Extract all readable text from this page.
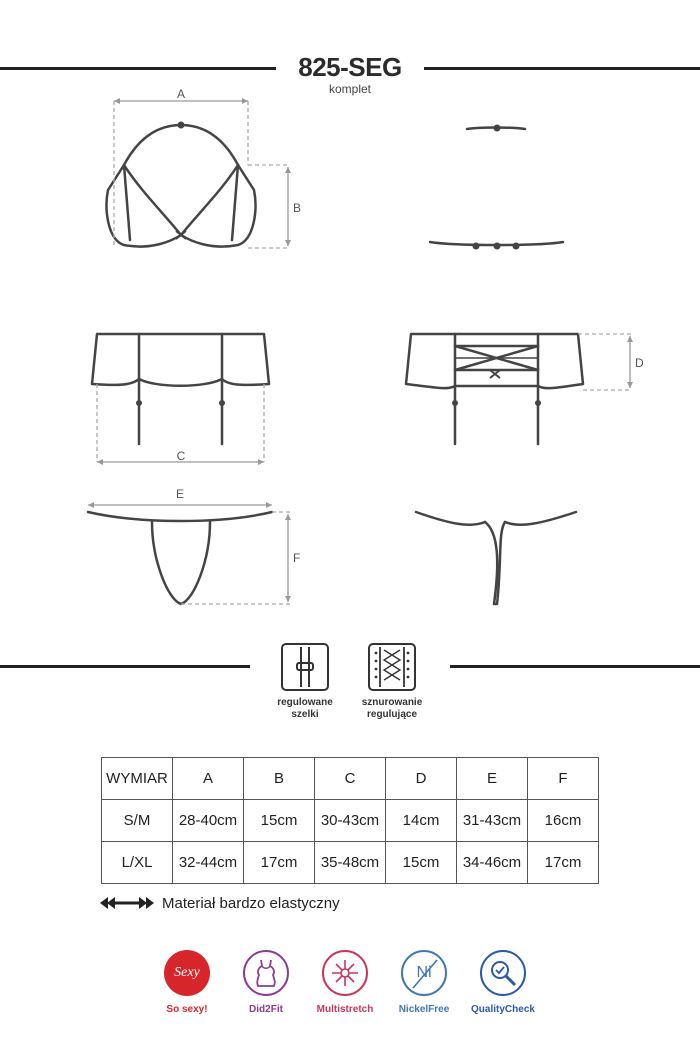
825-SEG
komplet
A
B
C
D
E
F
regulowane
szelki
sznurowanie
regulujące
WYMIAR	A	B	C	D	E	F
S/M	28-40cm	15cm	30-43cm	14cm	31-43cm	16cm
L/XL	32-44cm	17cm	35-48cm	15cm	34-46cm	17cm
Materiał bardzo elastyczny
Sexy
So sexy!	Did2Fit	Multistretch
Ni
NickelFree	QualityCheck
